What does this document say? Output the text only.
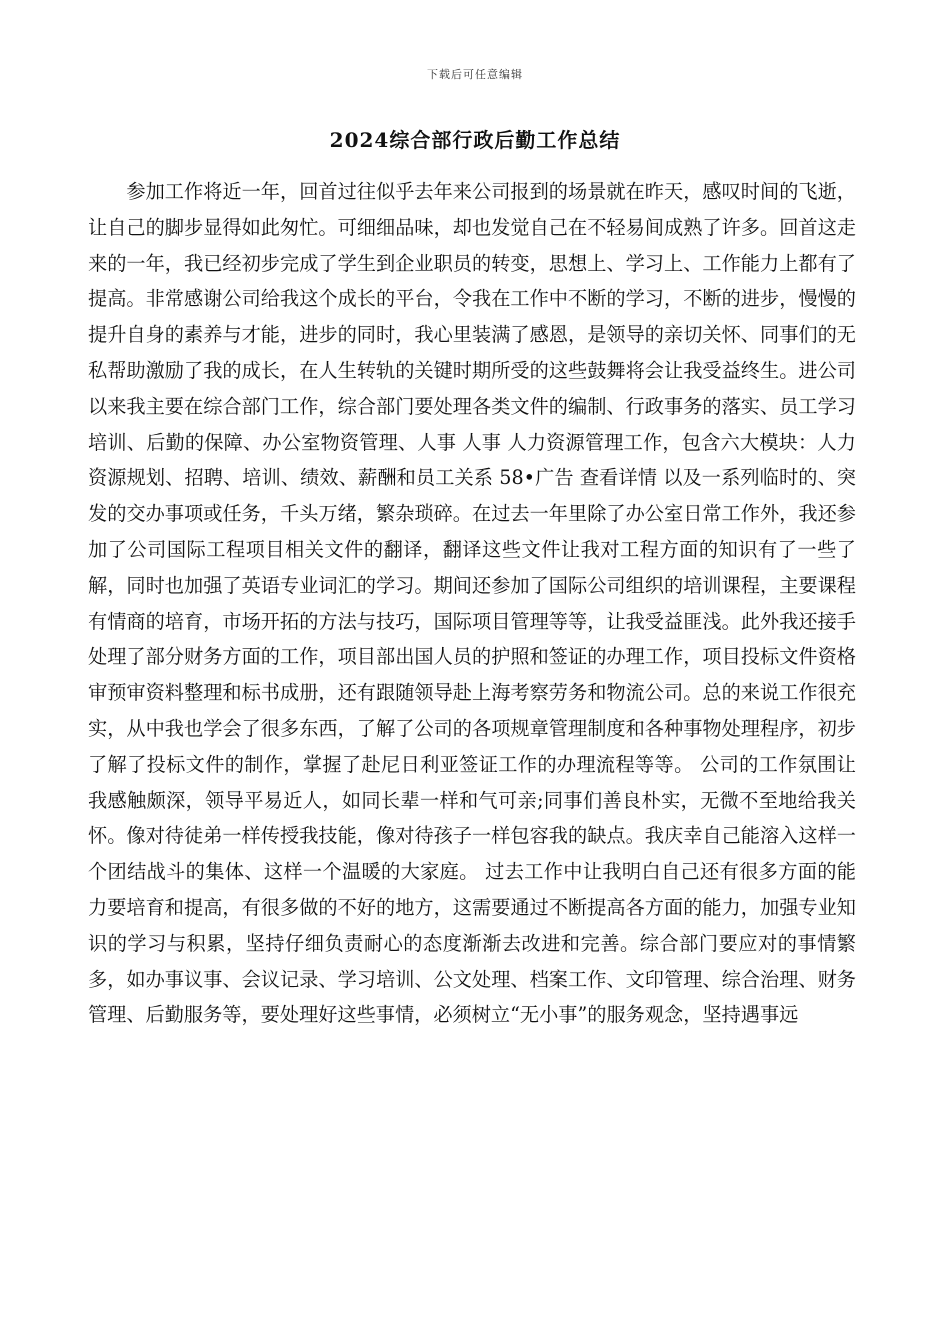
下载后可任意编辑
2024综合部行政后勤工作总结

参加工作将近一年，回首过往似乎去年来公司报到的场景就在昨天，感叹时间的飞逝，让自己的脚步显得如此匆忙。可细细品味，却也发觉自己在不轻易间成熟了许多。回首这走来的一年，我已经初步完成了学生到企业职员的转变，思想上、学习上、工作能力上都有了提高。非常感谢公司给我这个成长的平台，令我在工作中不断的学习，不断的进步，慢慢的提升自身的素养与才能，进步的同时，我心里装满了感恩，是领导的亲切关怀、同事们的无私帮助激励了我的成长，在人生转轨的关键时期所受的这些鼓舞将会让我受益终生。进公司以来我主要在综合部门工作，综合部门要处理各类文件的编制、行政事务的落实、员工学习培训、后勤的保障、办公室物资管理、人事 人事 人力资源管理工作，包含六大模块：人力资源规划、招聘、培训、绩效、薪酬和员工关系 58•广告 查看详情 以及一系列临时的、突发的交办事项或任务，千头万绪，繁杂琐碎。在过去一年里除了办公室日常工作外，我还参加了公司国际工程项目相关文件的翻译，翻译这些文件让我对工程方面的知识有了一些了解，同时也加强了英语专业词汇的学习。期间还参加了国际公司组织的培训课程，主要课程有情商的培育，市场开拓的方法与技巧，国际项目管理等等，让我受益匪浅。此外我还接手处理了部分财务方面的工作，项目部出国人员的护照和签证的办理工作，项目投标文件资格审预审资料整理和标书成册，还有跟随领导赴上海考察劳务和物流公司。总的来说工作很充实，从中我也学会了很多东西，了解了公司的各项规章管理制度和各种事物处理程序，初步了解了投标文件的制作，掌握了赴尼日利亚签证工作的办理流程等等。 公司的工作氛围让我感触颇深，领导平易近人，如同长辈一样和气可亲;同事们善良朴实，无微不至地给我关怀。像对待徒弟一样传授我技能，像对待孩子一样包容我的缺点。我庆幸自己能溶入这样一个团结战斗的集体、这样一个温暖的大家庭。 过去工作中让我明白自己还有很多方面的能力要培育和提高，有很多做的不好的地方，这需要通过不断提高各方面的能力，加强专业知识的学习与积累，坚持仔细负责耐心的态度渐渐去改进和完善。综合部门要应对的事情繁多，如办事议事、会议记录、学习培训、公文处理、档案工作、文印管理、综合治理、财务管理、后勤服务等，要处理好这些事情，必须树立“无小事”的服务观念，坚持遇事远
